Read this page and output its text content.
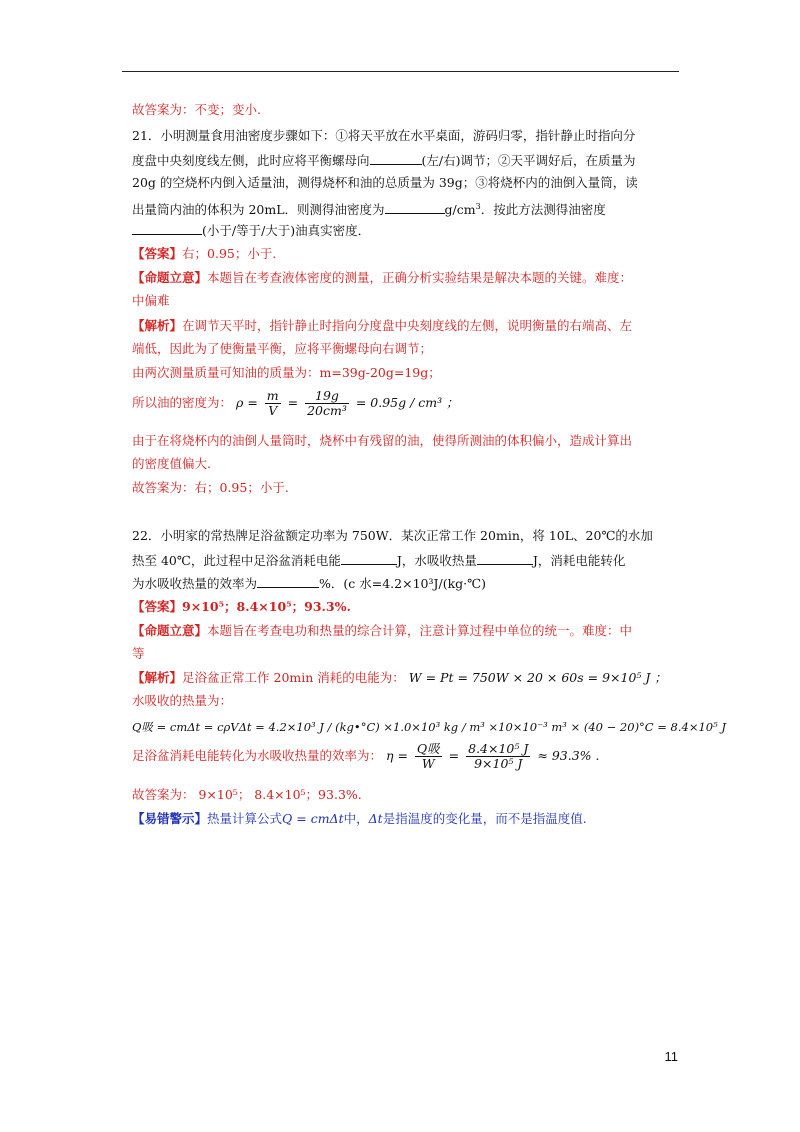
故答案为：不变；变小.
21．小明测量食用油密度步骤如下：①将天平放在水平桌面，游码归零，指针静止时指向分
度盘中央刻度线左侧，此时应将平衡螺母向	(左/右)调节；②天平调好后，在质量为
20g 的空烧杯内倒入适量油，测得烧杯和油的总质量为 39g；③将烧杯内的油倒入量筒，读
出量筒内油的体积为 20mL．则测得油密度为	$g/cm^3$．按此方法测得油密度
(小于/等于/大于)油真实密度．
【答案】右；0.95；小于.
【命题立意】本题旨在考查液体密度的测量，正确分析实验结果是解决本题的关键。难度：
中偏难
【解析】在调节天平时，指针静止时指向分度盘中央刻度线的左侧，说明衡量的右端高、左
端低，因此为了使衡量平衡，应将平衡螺母向右调节；
由两次测量质量可知油的质量为：m=39g-20g=19g；
所以油的密度为： $\rho = \frac{m}{V} = \frac{19g}{\text{20cm³}} = 0.95g / cm^3$ ；
由于在将烧杯内的油倒人量筒时，烧杯中有残留的油，使得所测油的体积偏小，造成计算出
的密度值偏大.
故答案为：右；0.95；小于.
22．小明家的常热牌足浴盆额定功率为 750W．某次正常工作 20min，将 10L、20℃的水加
热至 40℃，此过程中足浴盆消耗电能	J，水吸收热量	J，消耗电能转化
为水吸收热量的效率为	%．(c 水=4.2×10³J/(kg·℃)
【答案】9×10⁵；8.4×10⁵；93.3%.
【命题立意】本题旨在考查电功和热量的综合计算，注意计算过程中单位的统一。难度：中
等
【解析】足浴盆正常工作 20min 消耗的电能为： W = Pt = 750W × 20 × 60s = 9×10⁵ J ；
水吸收的热量为：
Q吸 = cmΔt = cρVΔt = 4.2×10³ J / (kg•°C) ×1.0×10³ kg / m³ ×10×10⁻³ m³ × (40 − 20)°C = 8.4×10⁵ J
足浴盆消耗电能转化为水吸收热量的效率为： $\eta = \frac{\text{Q吸}}{W} = \frac{\text{8.4×10⁵ J}}{\text{9×10⁵ J}} \approx 93.3\%$ .
故答案为： 9×10⁵； 8.4×10⁵；93.3%.
【易错警示】热量计算公式Q = cmΔt中，Δt是指温度的变化量，而不是指温度值.
11
